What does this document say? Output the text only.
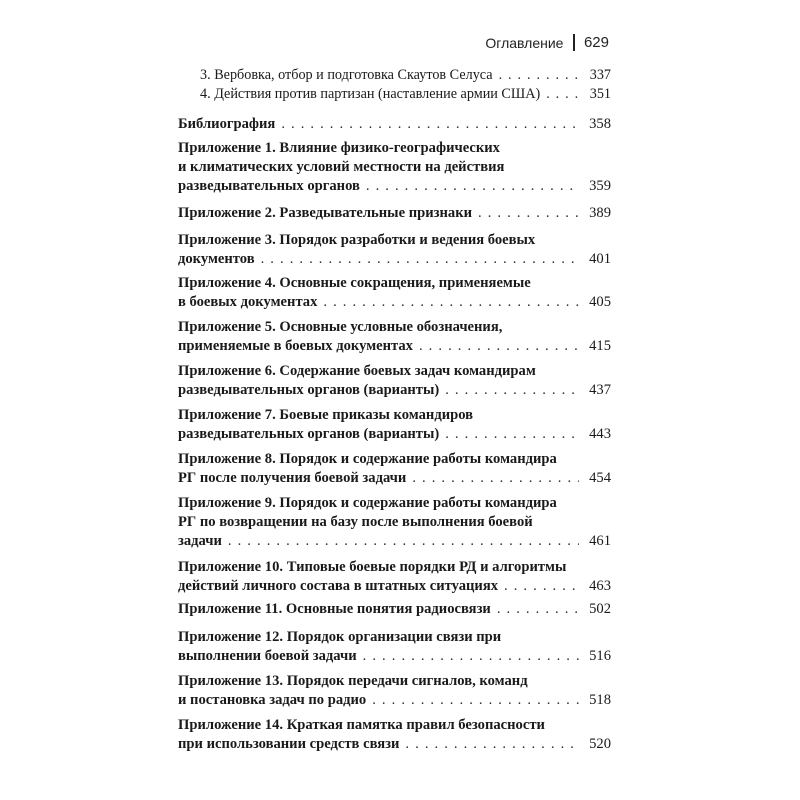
Оглавление 629
3.
Вербовка, отбор и подготовка Скаутов Селуса . . .	337
4.
Действия против партизан (наставление армии США) . . .	351
Библиография . . .	358
Приложение 1. Влияние физико-географических
и климатических условий местности на действия
разведывательных органов . . .	359
Приложение 2. Разведывательные признаки . . .	389
Приложение 3. Порядок разработки и ведения боевых
документов . . .	401
Приложение 4. Основные сокращения, применяемые
в боевых документах . . .	405
Приложение 5. Основные условные обозначения,
применяемые в боевых документах . . .	415
Приложение 6. Содержание боевых задач командирам
разведывательных органов (варианты) . . .	437
Приложение 7. Боевые приказы командиров
разведывательных органов (варианты) . . .	443
Приложение 8. Порядок и содержание работы командира
РГ после получения боевой задачи . . .	454
Приложение 9. Порядок и содержание работы командира
РГ по возвращении на базу после выполнения боевой
задачи . . .	461
Приложение 10. Типовые боевые порядки РД и алгоритмы
действий личного состава в штатных ситуациях . . .	463
Приложение 11. Основные понятия радиосвязи . . .	502
Приложение 12. Порядок организации связи при
выполнении боевой задачи . . .	516
Приложение 13. Порядок передачи сигналов, команд
и постановка задач по радио . . .	518
Приложение 14. Краткая памятка правил безопасности
при использовании средств связи . . .	520
